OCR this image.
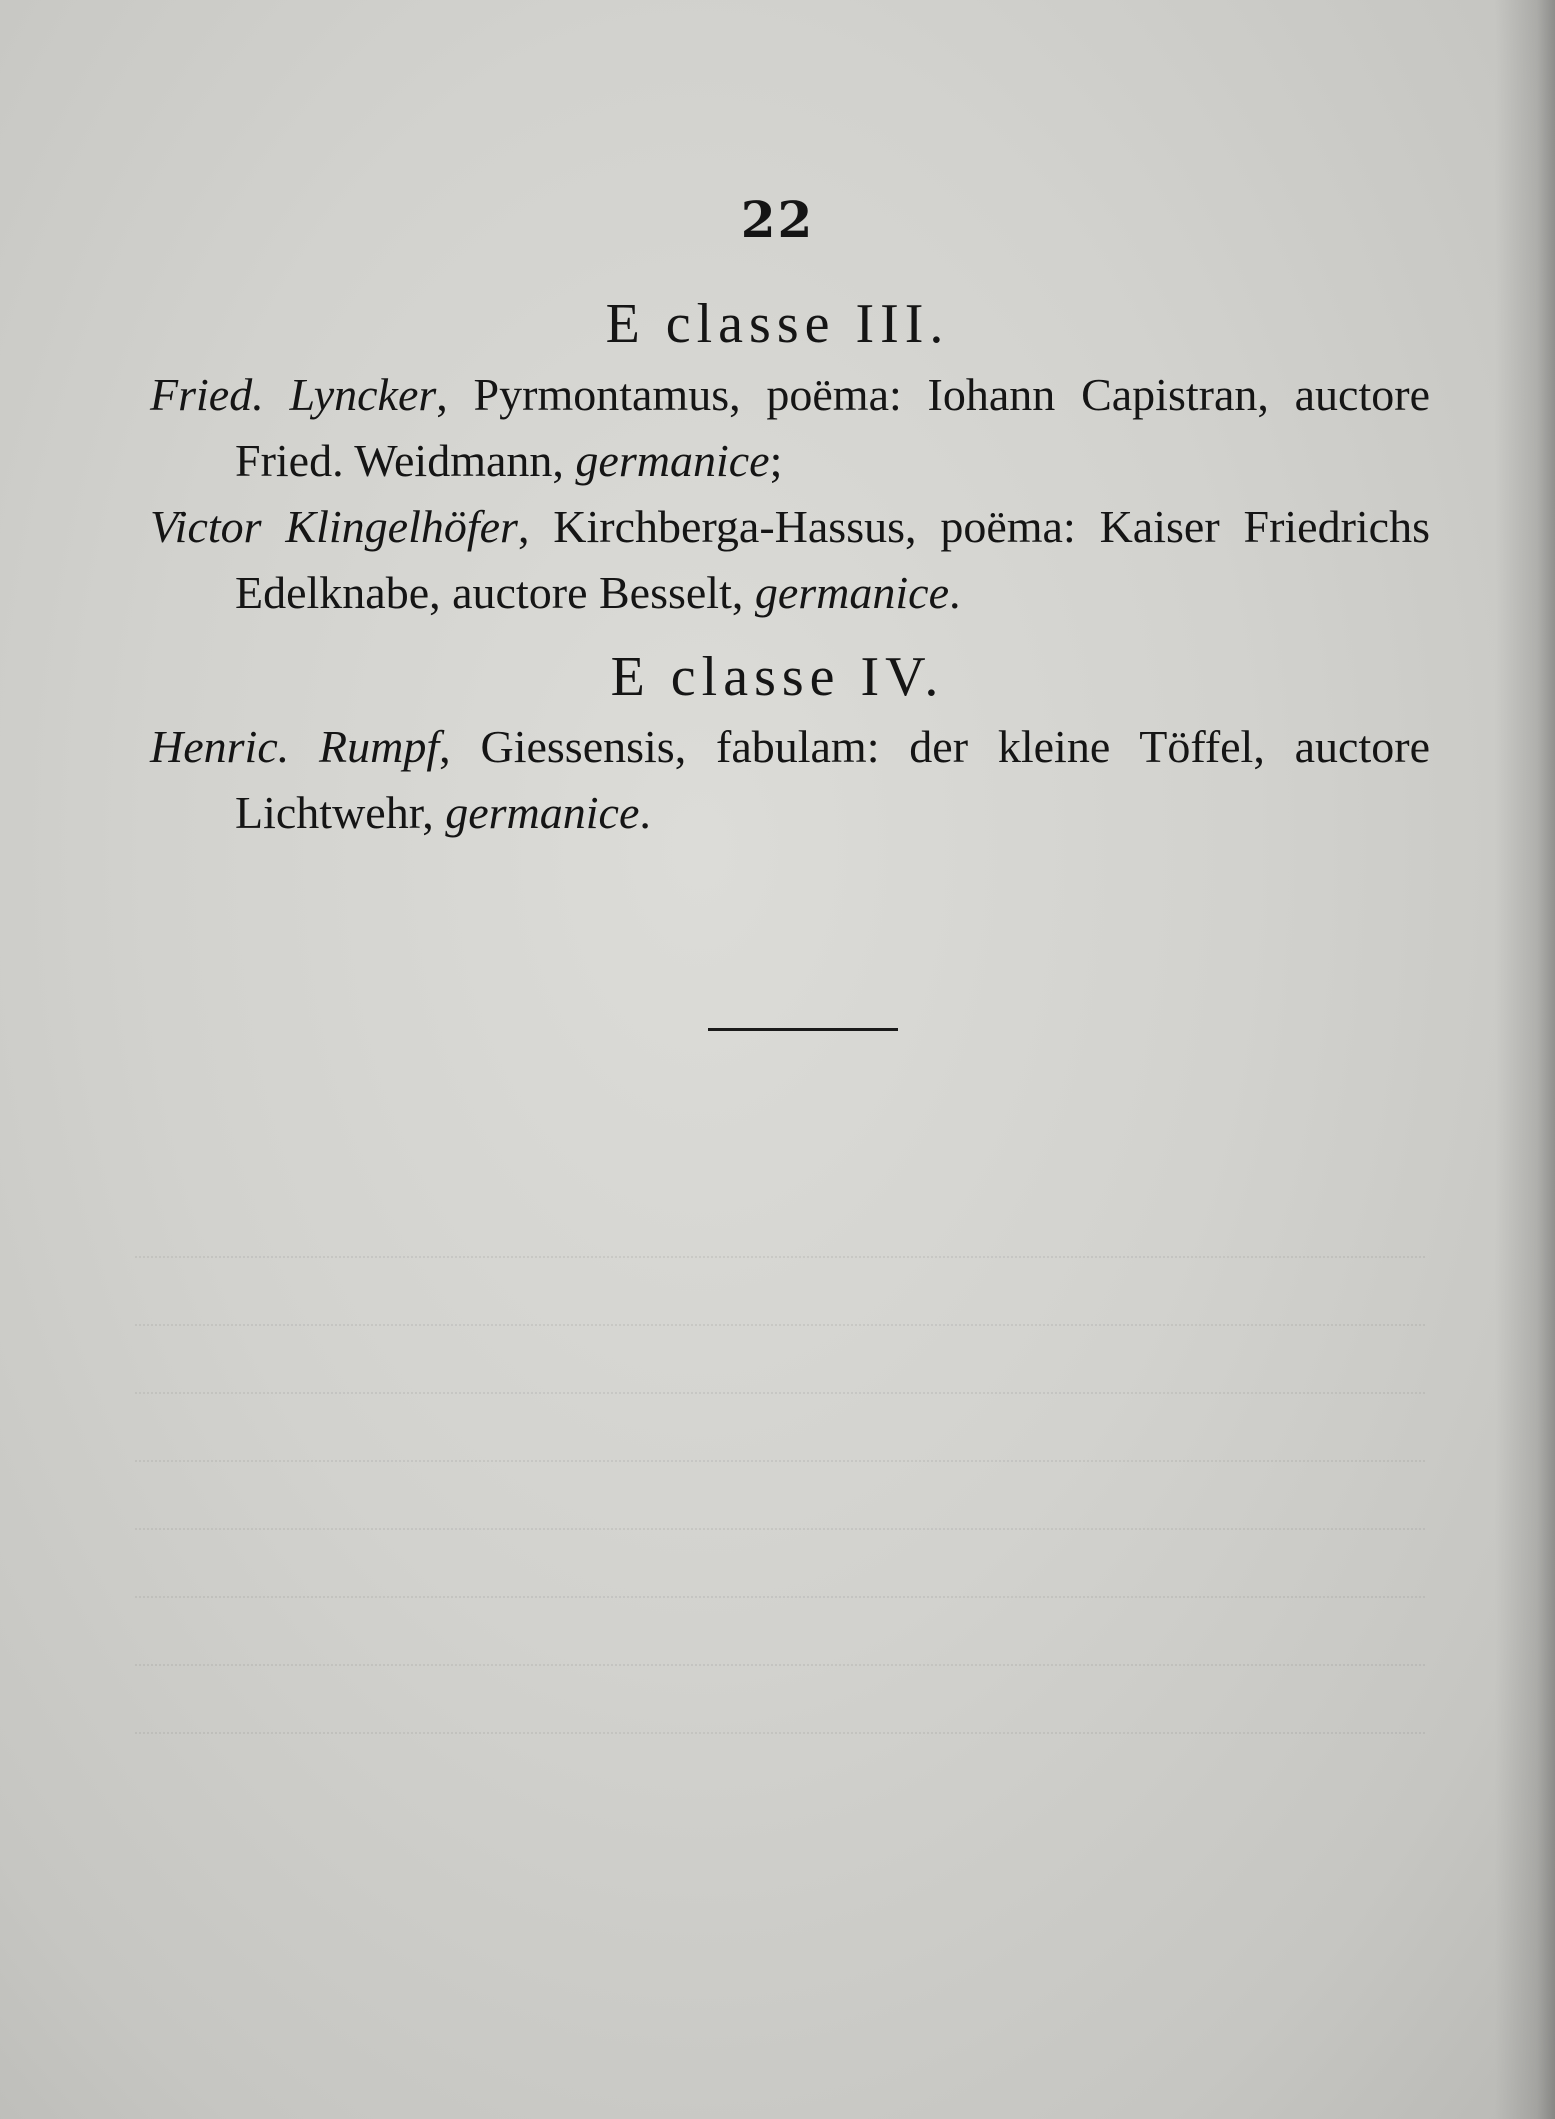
22
E classe III.

Fried. Lyncker, Pyrmontamus, poëma: Iohann Capistran, auctore Fried. Weidmann, germanice;

Victor Klingelhöfer, Kirchberga-Hassus, poëma: Kaiser Friedrichs Edelknabe, auctore Besselt, germanice.

E classe IV.

Henric. Rumpf, Giessensis, fabulam: der kleine Töffel, auctore Lichtwehr, germanice.
